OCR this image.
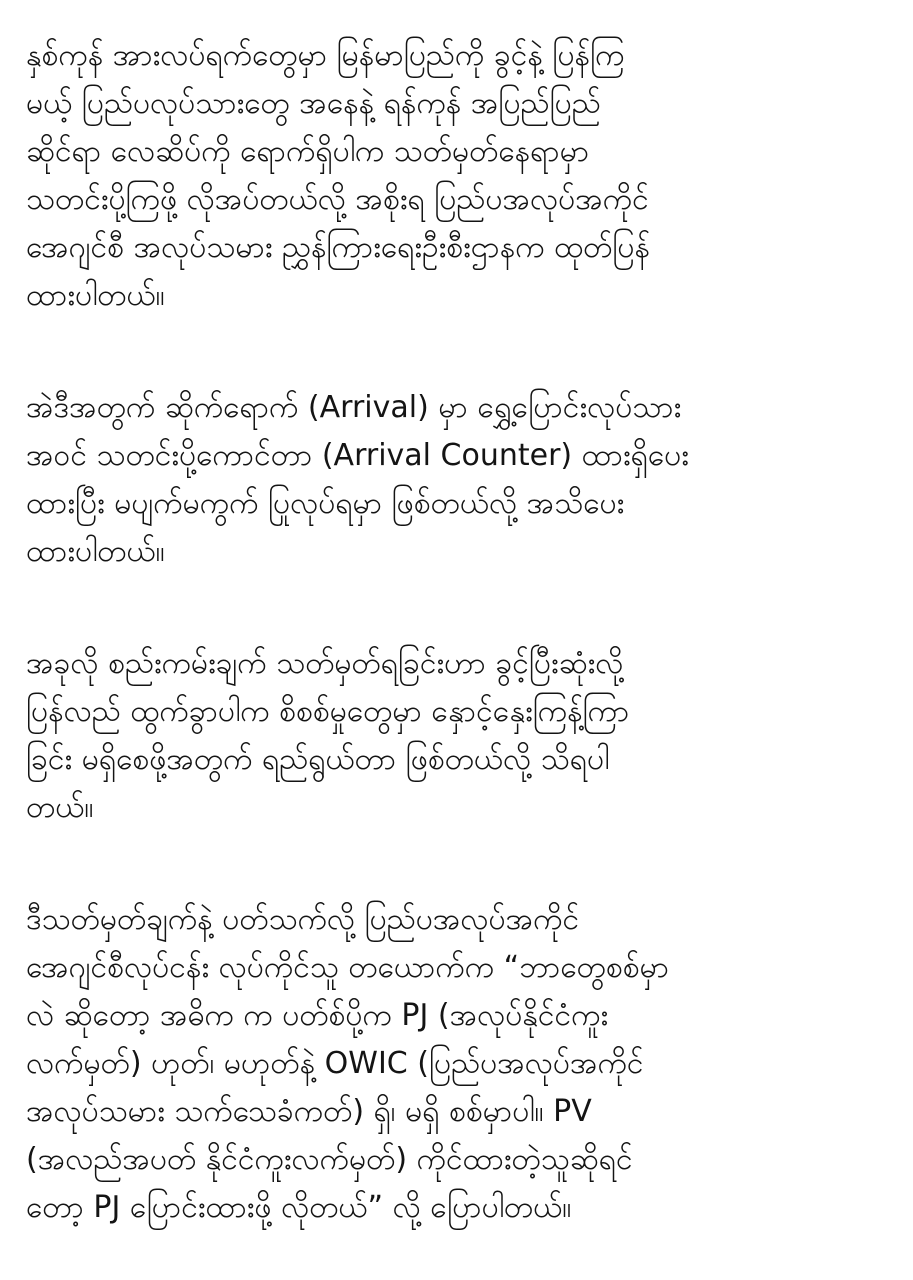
နှစ်ကုန် အားလပ်ရက်တွေမှာ မြန်မာပြည်ကို ခွင့်နဲ့ ပြန်ကြ
မယ့် ပြည်ပလုပ်သားတွေ အနေနဲ့ ရန်ကုန် အပြည်ပြည်
ဆိုင်ရာ လေဆိပ်ကို ရောက်ရှိပါက သတ်မှတ်နေရာမှာ
သတင်းပို့ကြဖို့ လိုအပ်တယ်လို့ အစိုးရ ပြည်ပအလုပ်အကိုင်
အေဂျင်စီ အလုပ်သမား ညွှန်ကြားရေးဦးစီးဌာနက ထုတ်ပြန်
ထားပါတယ်။
အဲဒီအတွက် ဆိုက်ရောက် (Arrival) မှာ ရွှေ့ပြောင်းလုပ်သား
အဝင် သတင်းပို့ကောင်တာ (Arrival Counter) ထားရှိပေး
ထားပြီး မပျက်မကွက် ပြုလုပ်ရမှာ ဖြစ်တယ်လို့ အသိပေး
ထားပါတယ်။
အခုလို စည်းကမ်းချက် သတ်မှတ်ရခြင်းဟာ ခွင့်ပြီးဆုံးလို့
ပြန်လည် ထွက်ခွာပါက စိစစ်မှုတွေမှာ နှောင့်နှေးကြန့်ကြာ
ခြင်း မရှိစေဖို့အတွက် ရည်ရွယ်တာ ဖြစ်တယ်လို့ သိရပါ
တယ်။
ဒီသတ်မှတ်ချက်နဲ့ ပတ်သက်လို့ ပြည်ပအလုပ်အကိုင်
အေဂျင်စီလုပ်ငန်း လုပ်ကိုင်သူ တယောက်က “ဘာတွေစစ်မှာ
လဲ ဆိုတော့ အဓိက က ပတ်စ်ပို့က PJ (အလုပ်နိုင်ငံကူး
လက်မှတ်) ဟုတ်၊ မဟုတ်နဲ့ OWIC (ပြည်ပအလုပ်အကိုင်
အလုပ်သမား သက်သေခံကတ်) ရှိ၊ မရှိ စစ်မှာပါ။ PV
(အလည်အပတ် နိုင်ငံကူးလက်မှတ်) ကိုင်ထားတဲ့သူဆိုရင်
တော့ PJ ပြောင်းထားဖို့ လိုတယ်” လို့ ပြောပါတယ်။
